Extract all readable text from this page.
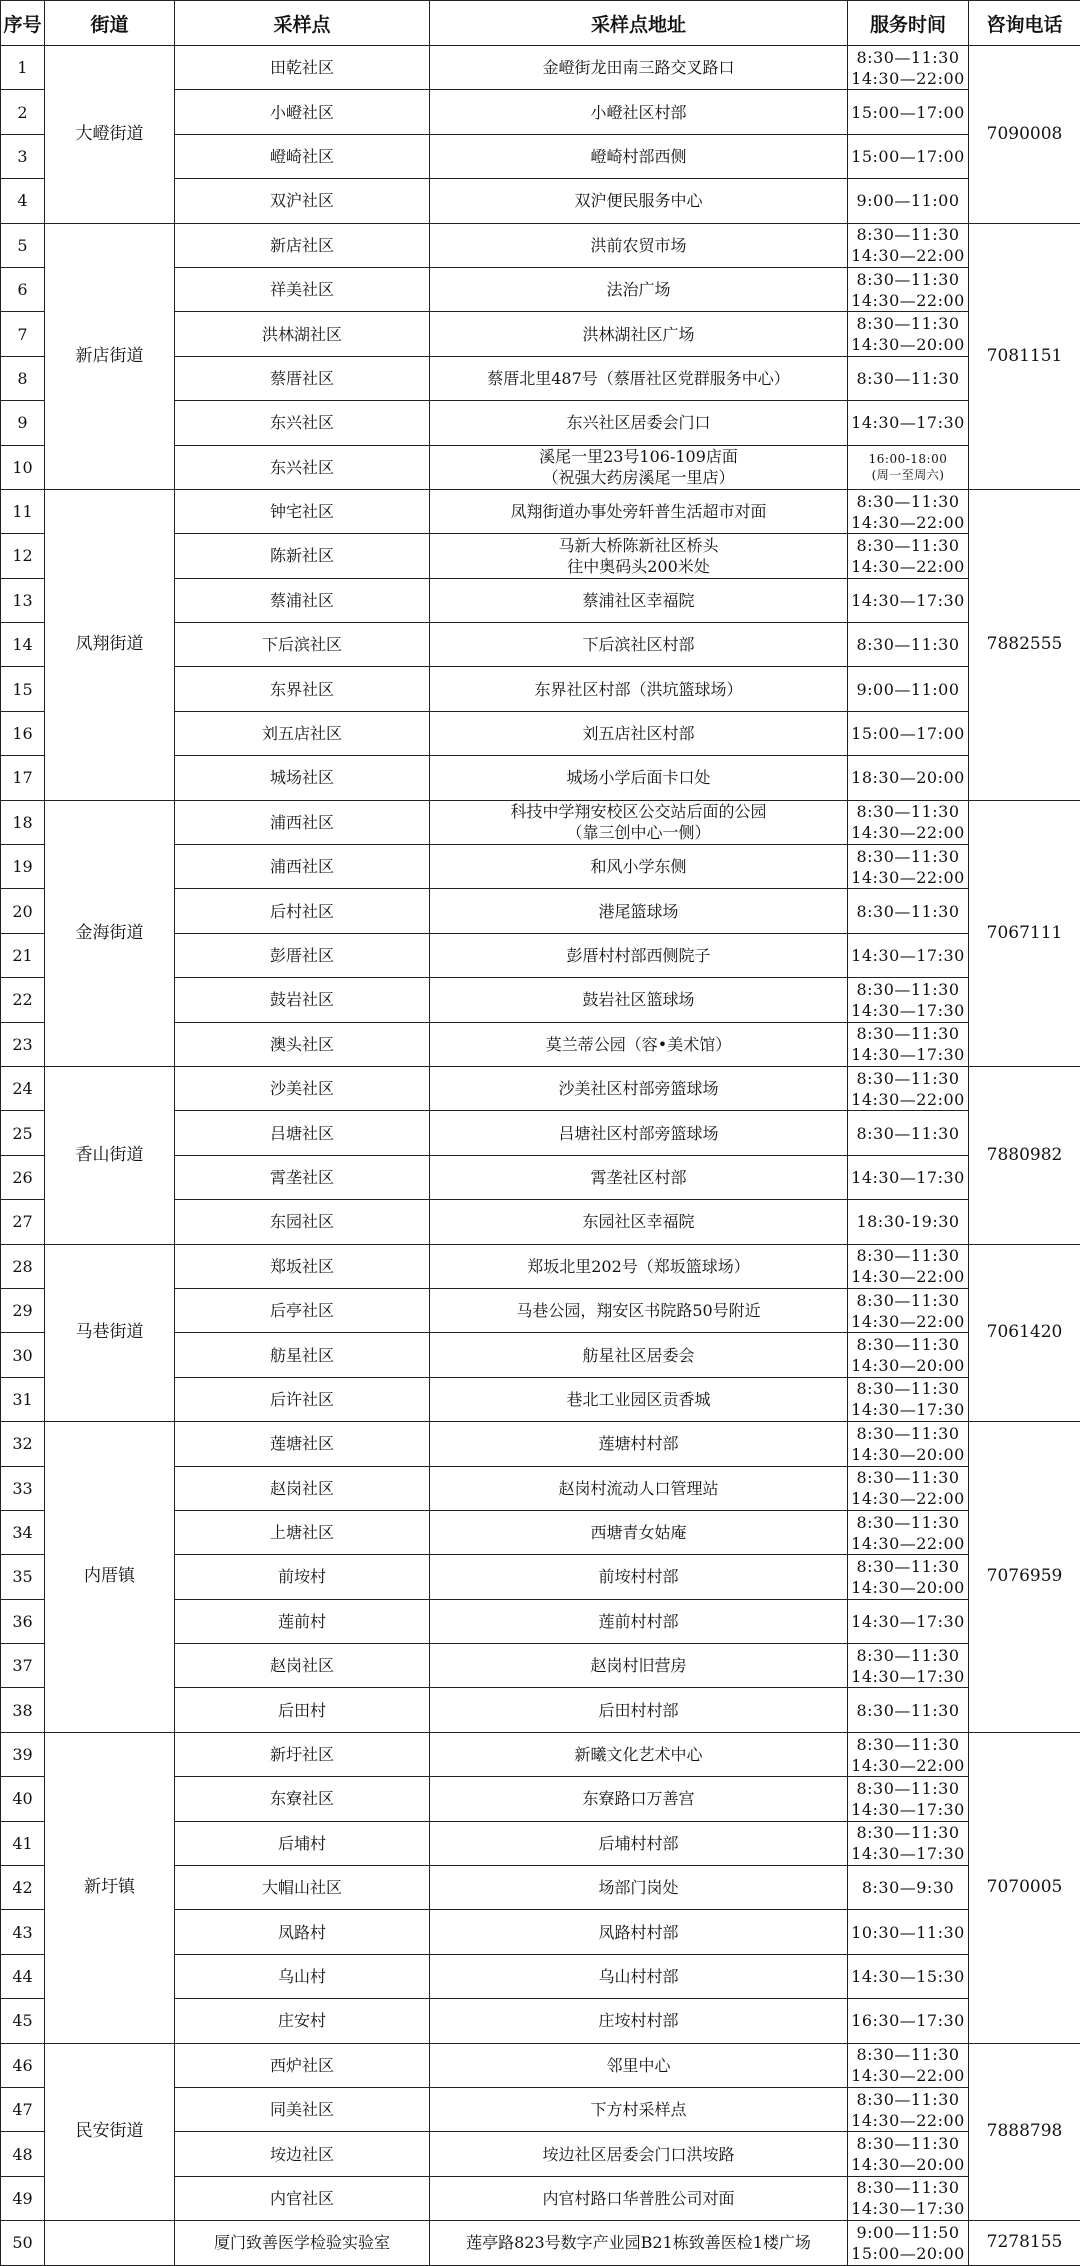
序号	街道	采样点	采样点地址	服务时间	咨询电话
1	大嶝街道	田乾社区	金嶝街龙田南三路交叉路口	8:30—11:30
14:30—22:00	7090008
2		小嶝社区	小嶝社区村部	15:00—17:00	
3		嶝崎社区	嶝崎村部西侧	15:00—17:00	
4		双沪社区	双沪便民服务中心	9:00—11:00	
5	新店街道	新店社区	洪前农贸市场	8:30—11:30
14:30—22:00	7081151
6		祥美社区	法治广场	8:30—11:30
14:30—22:00	
7		洪林湖社区	洪林湖社区广场	8:30—11:30
14:30—20:00	
8		蔡厝社区	蔡厝北里487号（蔡厝社区党群服务中心）	8:30—11:30	
9		东兴社区	东兴社区居委会门口	14:30—17:30	
10		东兴社区	溪尾一里23号106-109店面
（祝强大药房溪尾一里店）	16:00-18:00
(周一至周六)	
11	凤翔街道	钟宅社区	凤翔街道办事处旁轩普生活超市对面	8:30—11:30
14:30—22:00	7882555
12		陈新社区	马新大桥陈新社区桥头
往中奥码头200米处	8:30—11:30
14:30—22:00	
13		蔡浦社区	蔡浦社区幸福院	14:30—17:30	
14		下后滨社区	下后滨社区村部	8:30—11:30	
15		东界社区	东界社区村部（洪坑篮球场）	9:00—11:00	
16		刘五店社区	刘五店社区村部	15:00—17:00	
17		城场社区	城场小学后面卡口处	18:30—20:00	
18	金海街道	浦西社区	科技中学翔安校区公交站后面的公园
（靠三创中心一侧）	8:30—11:30
14:30—22:00	7067111
19		浦西社区	和风小学东侧	8:30—11:30
14:30—22:00	
20		后村社区	港尾篮球场	8:30—11:30	
21		彭厝社区	彭厝村村部西侧院子	14:30—17:30	
22		鼓岩社区	鼓岩社区篮球场	8:30—11:30
14:30—17:30	
23		澳头社区	莫兰蒂公园（容•美术馆）	8:30—11:30
14:30—17:30	
24	香山街道	沙美社区	沙美社区村部旁篮球场	8:30—11:30
14:30—22:00	7880982
25		吕塘社区	吕塘社区村部旁篮球场	8:30—11:30	
26		霄垄社区	霄垄社区村部	14:30—17:30	
27		东园社区	东园社区幸福院	18:30-19:30	
28	马巷街道	郑坂社区	郑坂北里202号（郑坂篮球场）	8:30—11:30
14:30—22:00	7061420
29		后亭社区	马巷公园，翔安区书院路50号附近	8:30—11:30
14:30—22:00	
30		舫星社区	舫星社区居委会	8:30—11:30
14:30—20:00	
31		后许社区	巷北工业园区贡香城	8:30—11:30
14:30—17:30	
32	内厝镇	莲塘社区	莲塘村村部	8:30—11:30
14:30—20:00	7076959
33		赵岗社区	赵岗村流动人口管理站	8:30—11:30
14:30—22:00	
34		上塘社区	西塘青女姑庵	8:30—11:30
14:30—22:00	
35		前垵村	前垵村村部	8:30—11:30
14:30—20:00	
36		莲前村	莲前村村部	14:30—17:30	
37		赵岗社区	赵岗村旧营房	8:30—11:30
14:30—17:30	
38		后田村	后田村村部	8:30—11:30	
39	新圩镇	新圩社区	新曦文化艺术中心	8:30—11:30
14:30—22:00	7070005
40		东寮社区	东寮路口万善宫	8:30—11:30
14:30—17:30	
41		后埔村	后埔村村部	8:30—11:30
14:30—17:30	
42		大帽山社区	场部门岗处	8:30—9:30	
43		凤路村	凤路村村部	10:30—11:30	
44		乌山村	乌山村村部	14:30—15:30	
45		庄安村	庄垵村村部	16:30—17:30	
46	民安街道	西炉社区	邻里中心	8:30—11:30
14:30—22:00	7888798
47		同美社区	下方村采样点	8:30—11:30
14:30—22:00	
48		垵边社区	垵边社区居委会门口洪垵路	8:30—11:30
14:30—20:00	
49		内官社区	内官村路口华普胜公司对面	8:30—11:30
14:30—17:30	
50		厦门致善医学检验实验室	莲亭路823号数字产业园B21栋致善医检1楼广场	9:00—11:50
15:00—20:00	7278155
